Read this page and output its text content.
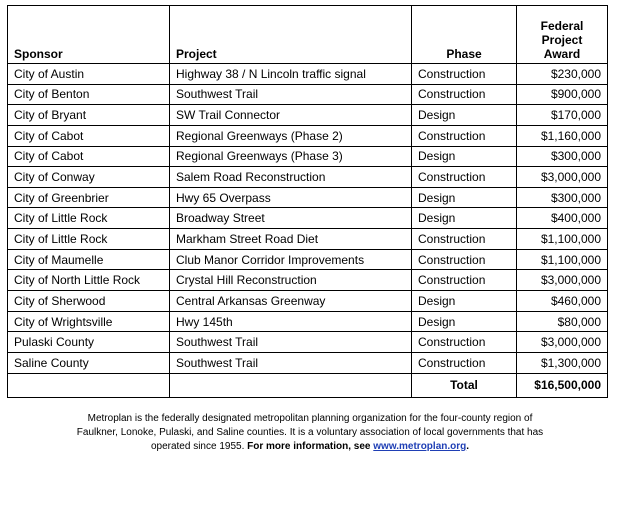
Sponsor	Project	Phase	Federal
Project
Award

City of Austin	Highway 38 / N Lincoln traffic signal	Construction	$230,000
City of Benton	Southwest Trail	Construction	$900,000
City of Bryant	SW Trail Connector	Design	$170,000
City of Cabot	Regional Greenways (Phase 2)	Construction	$1,160,000
City of Cabot	Regional Greenways (Phase 3)	Design	$300,000
City of Conway	Salem Road Reconstruction	Construction	$3,000,000
City of Greenbrier	Hwy 65 Overpass	Design	$300,000
City of Little Rock	Broadway Street	Design	$400,000
City of Little Rock	Markham Street Road Diet	Construction	$1,100,000
City of Maumelle	Club Manor Corridor Improvements	Construction	$1,100,000
City of North Little Rock	Crystal Hill Reconstruction	Construction	$3,000,000
City of Sherwood	Central Arkansas Greenway	Design	$460,000
City of Wrightsville	Hwy 145th	Design	$80,000
Pulaski County	Southwest Trail	Construction	$3,000,000
Saline County	Southwest Trail	Construction	$1,300,000
		Total	$16,500,000
Metroplan is the federally designated metropolitan planning organization for the four-county region of Faulkner, Lonoke, Pulaski, and Saline counties. It is a voluntary association of local governments that has operated since 1955. For more information, see www.metroplan.org.
